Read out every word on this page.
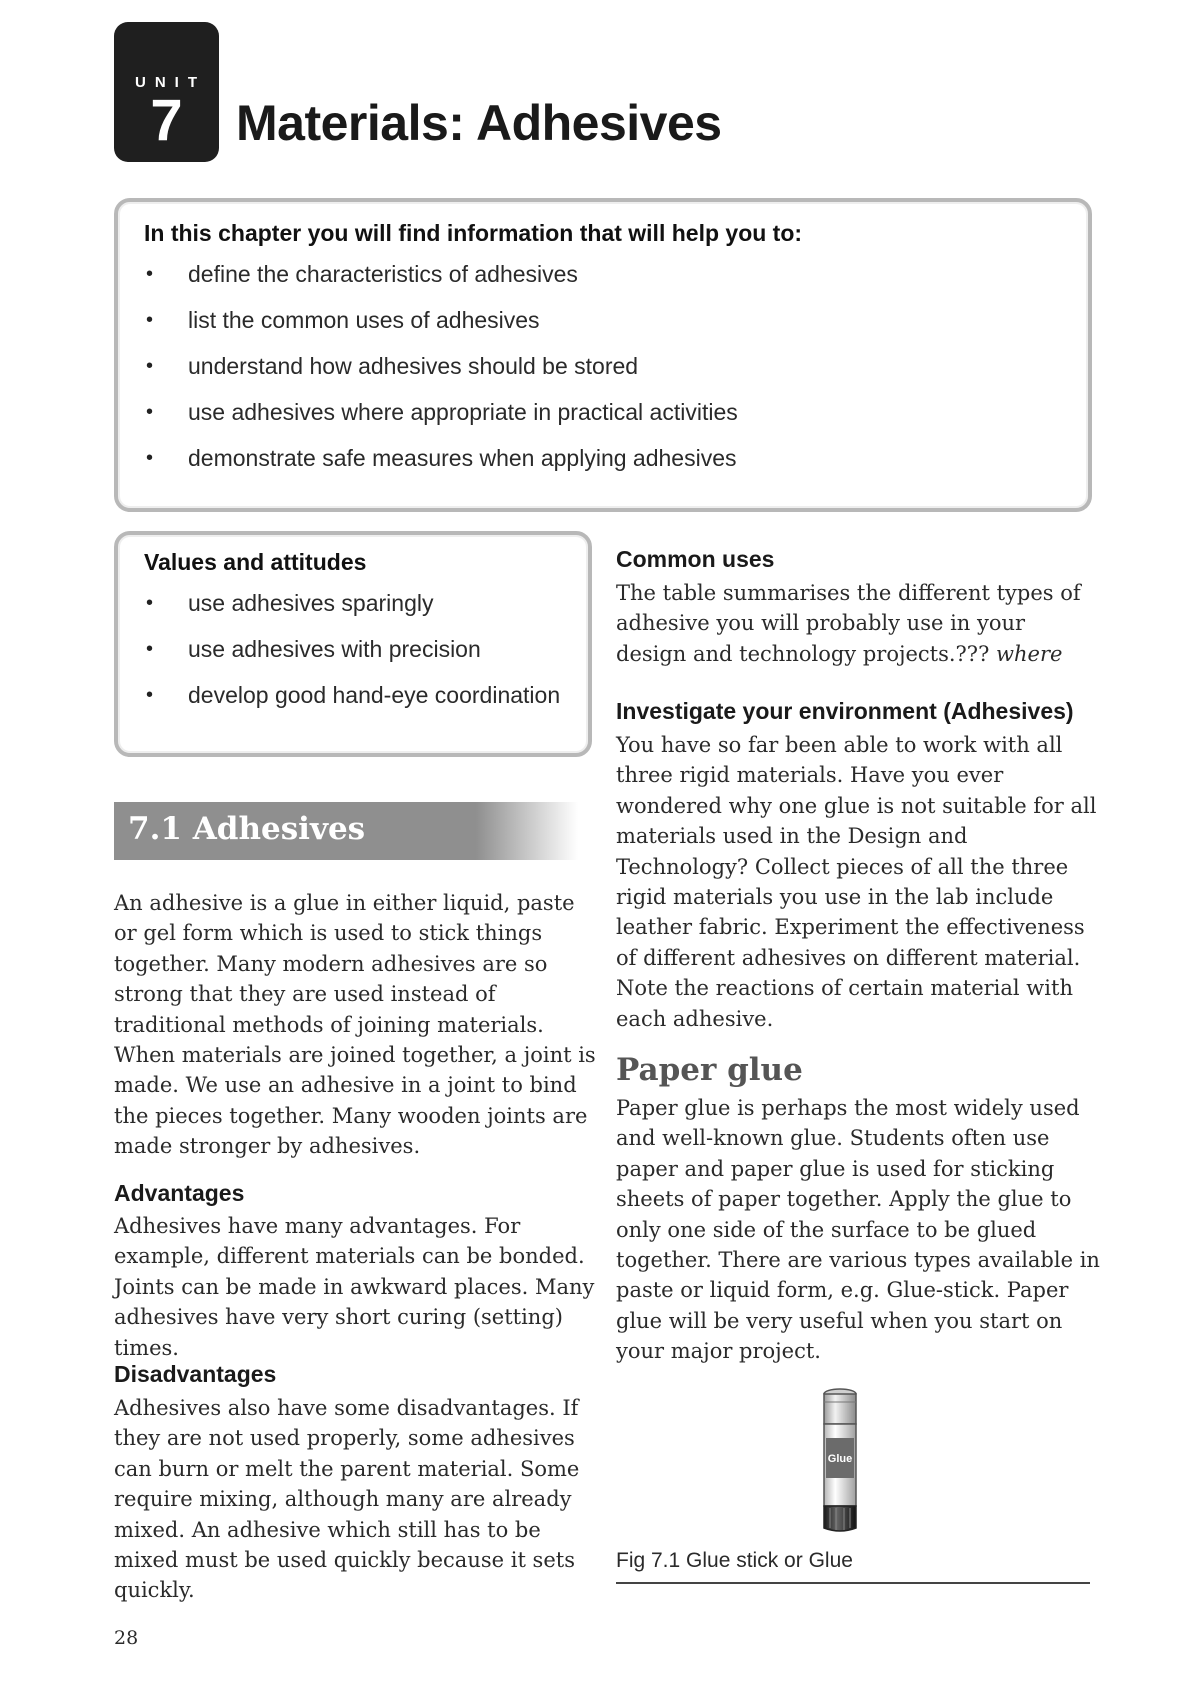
UNIT
7	Materials: Adhesives

In this chapter you will find information that will help you to:

• define the characteristics of adhesives
• list the common uses of adhesives
• understand how adhesives should be stored
• use adhesives where appropriate in practical activities
• demonstrate safe measures when applying adhesives

Values and attitudes

• use adhesives sparingly
• use adhesives with precision
• develop good hand-eye coordination
7.1 Adhesives

An adhesive is a glue in either liquid, paste or gel form which is used to stick things together. Many modern adhesives are so strong that they are used instead of traditional methods of joining materials.

When materials are joined together, a joint is made. We use an adhesive in a joint to bind the pieces together. Many wooden joints are made stronger by adhesives.

Advantages

Adhesives have many advantages. For example, different materials can be bonded. Joints can be made in awkward places. Many adhesives have very short curing (setting) times.

Disadvantages

Adhesives also have some disadvantages. If they are not used properly, some adhesives can burn or melt the parent material. Some require mixing, although many are already mixed. An adhesive which still has to be mixed must be used quickly because it sets quickly.

Common uses

The table summarises the different types of adhesive you will probably use in your design and technology projects.??? where

Investigate your environment (Adhesives)

You have so far been able to work with all three rigid materials. Have you ever wondered why one glue is not suitable for all materials used in the Design and Technology? Collect pieces of all the three rigid materials you use in the lab include leather fabric. Experiment the effectiveness of different adhesives on different material. Note the reactions of certain material with each adhesive.

Paper glue

Paper glue is perhaps the most widely used and well-known glue. Students often use paper and paper glue is used for sticking sheets of paper together. Apply the glue to only one side of the surface to be glued together. There are various types available in paste or liquid form, e.g. Glue-stick. Paper glue will be very useful when you start on your major project.

Glue
Fig 7.1 Glue stick or Glue
28
